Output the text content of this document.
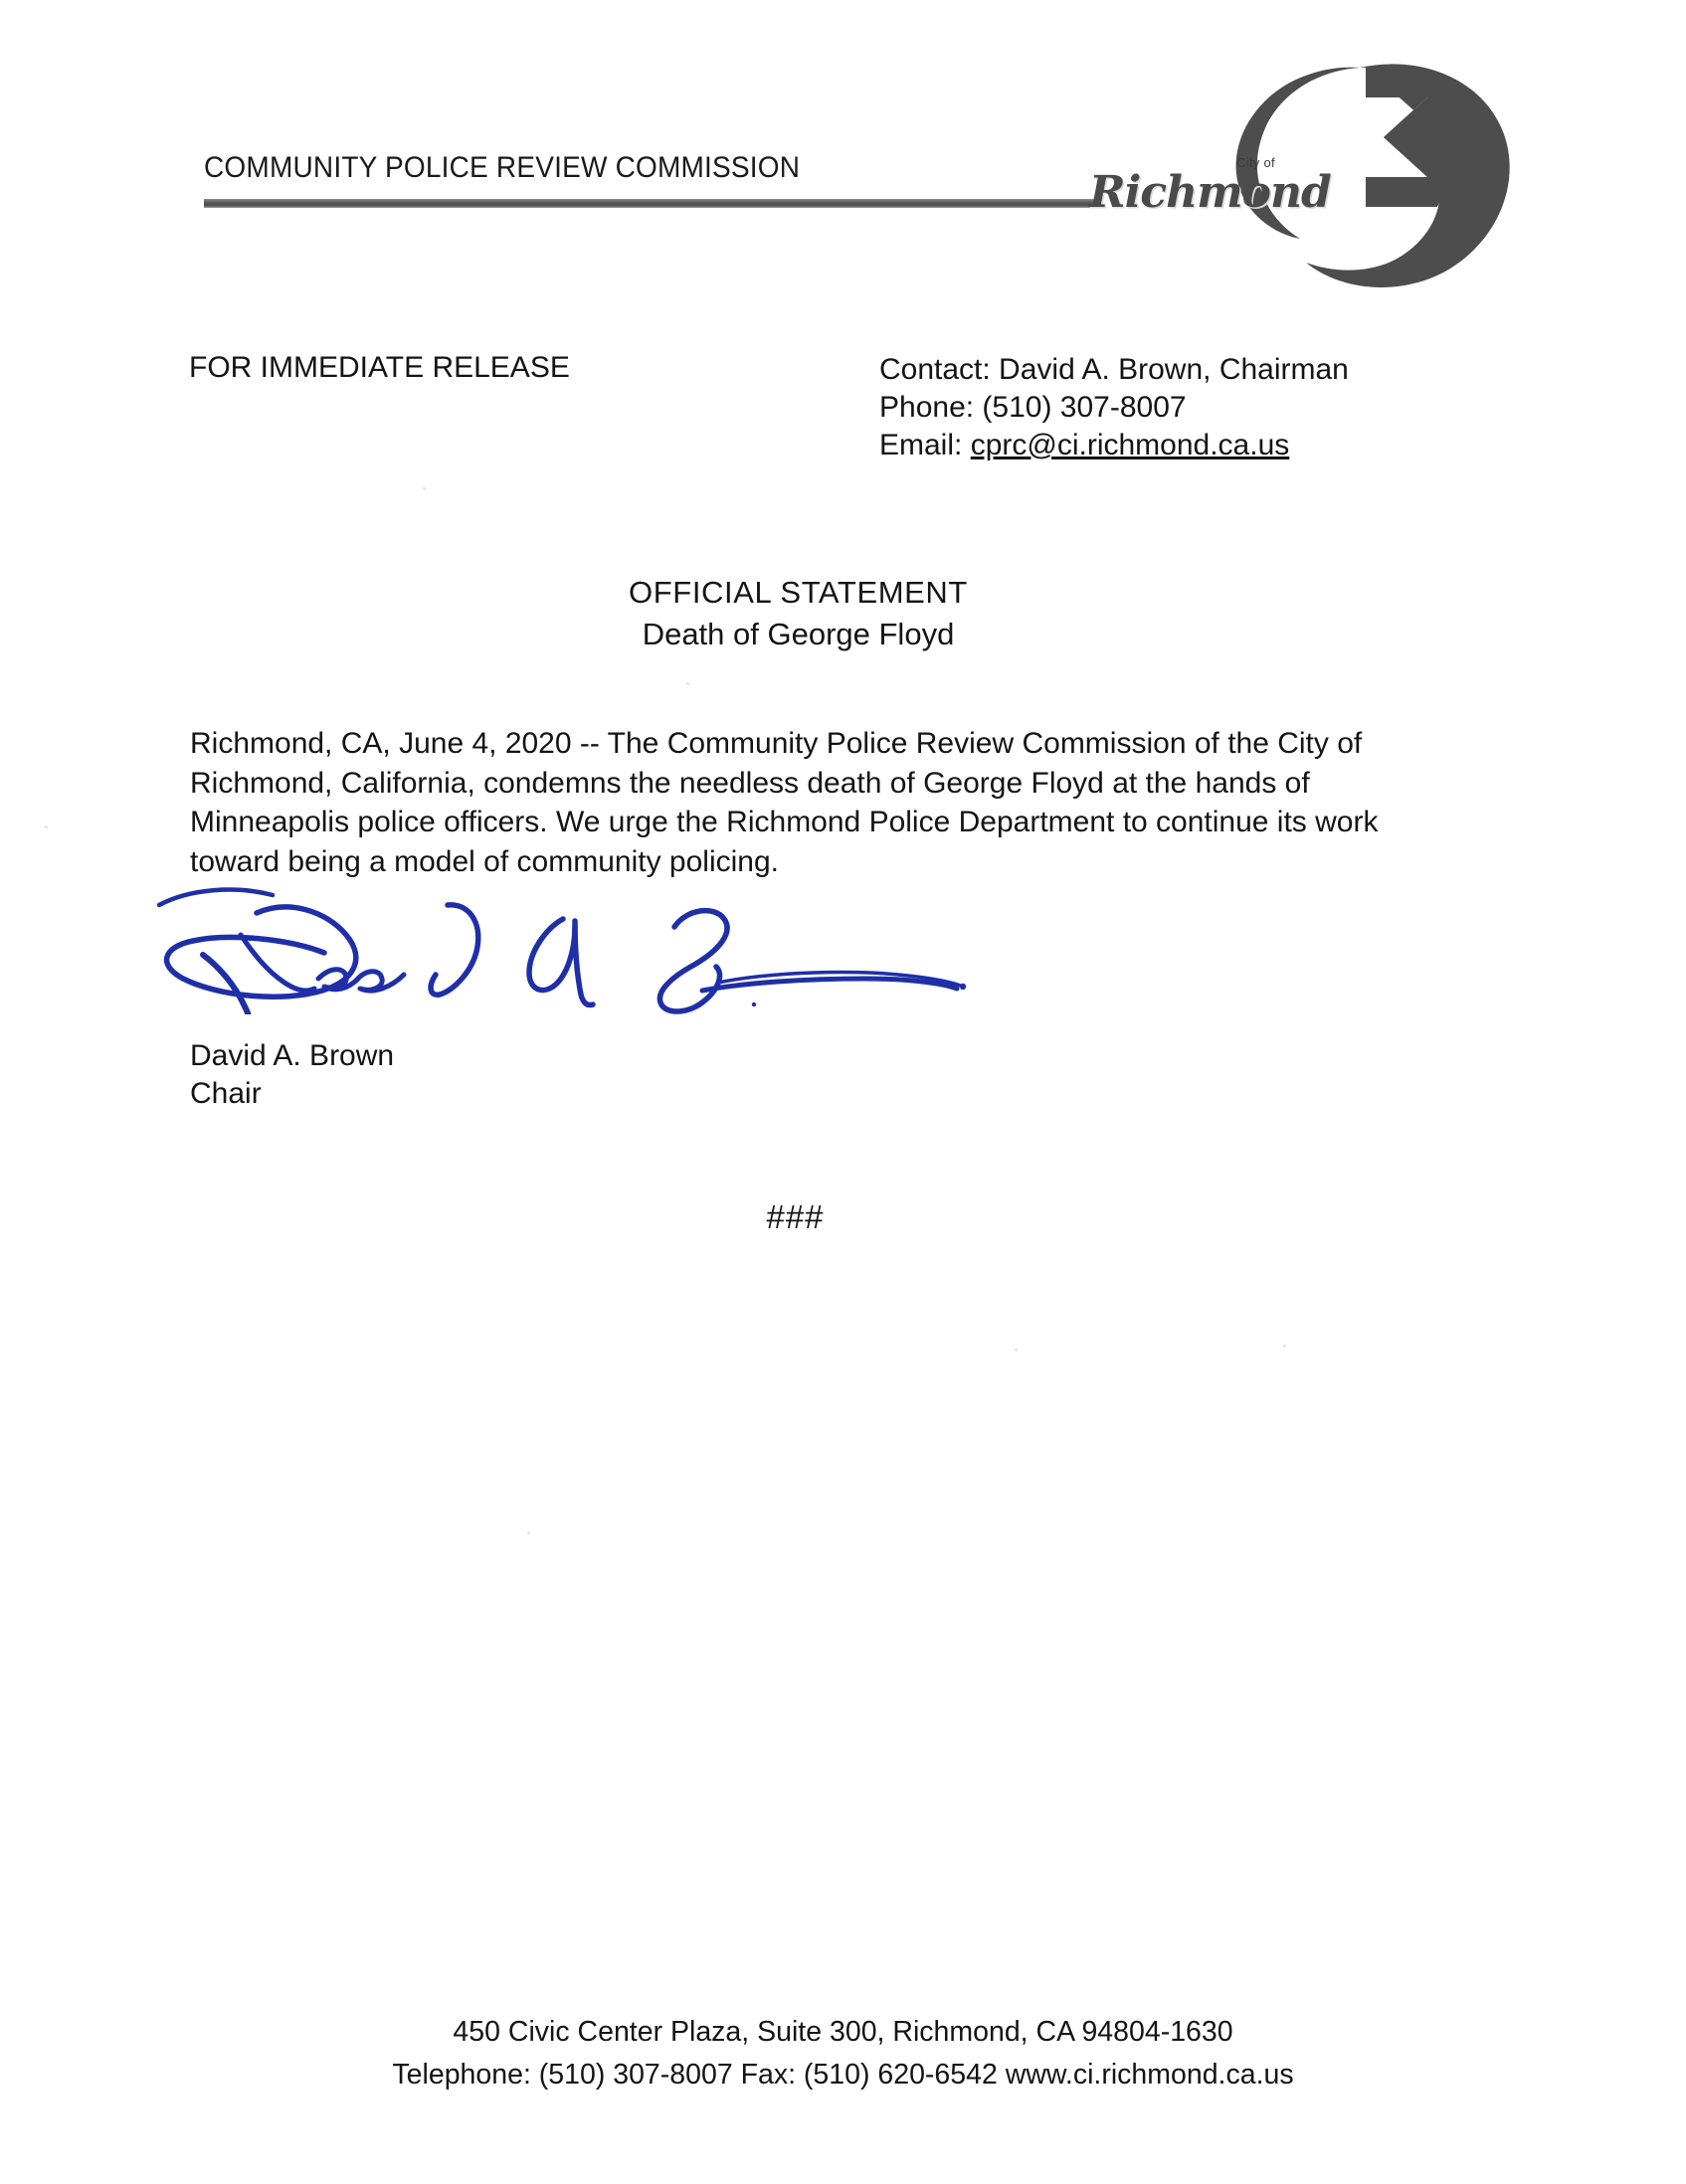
COMMUNITY POLICE REVIEW COMMISSION	City of
Richmond
FOR IMMEDIATE RELEASE	Contact: David A. Brown, Chairman
Phone: (510) 307-8007
Email: cprc@ci.richmond.ca.us
OFFICIAL STATEMENT
Death of George Floyd
Richmond, CA, June 4, 2020 -- The Community Police Review Commission of the City of Richmond, California, condemns the needless death of George Floyd at the hands of Minneapolis police officers. We urge the Richmond Police Department to continue its work toward being a model of community policing.
David A. Brown
Chair
###
450 Civic Center Plaza, Suite 300, Richmond, CA 94804-1630
Telephone: (510) 307-8007 Fax: (510) 620-6542 www.ci.richmond.ca.us
